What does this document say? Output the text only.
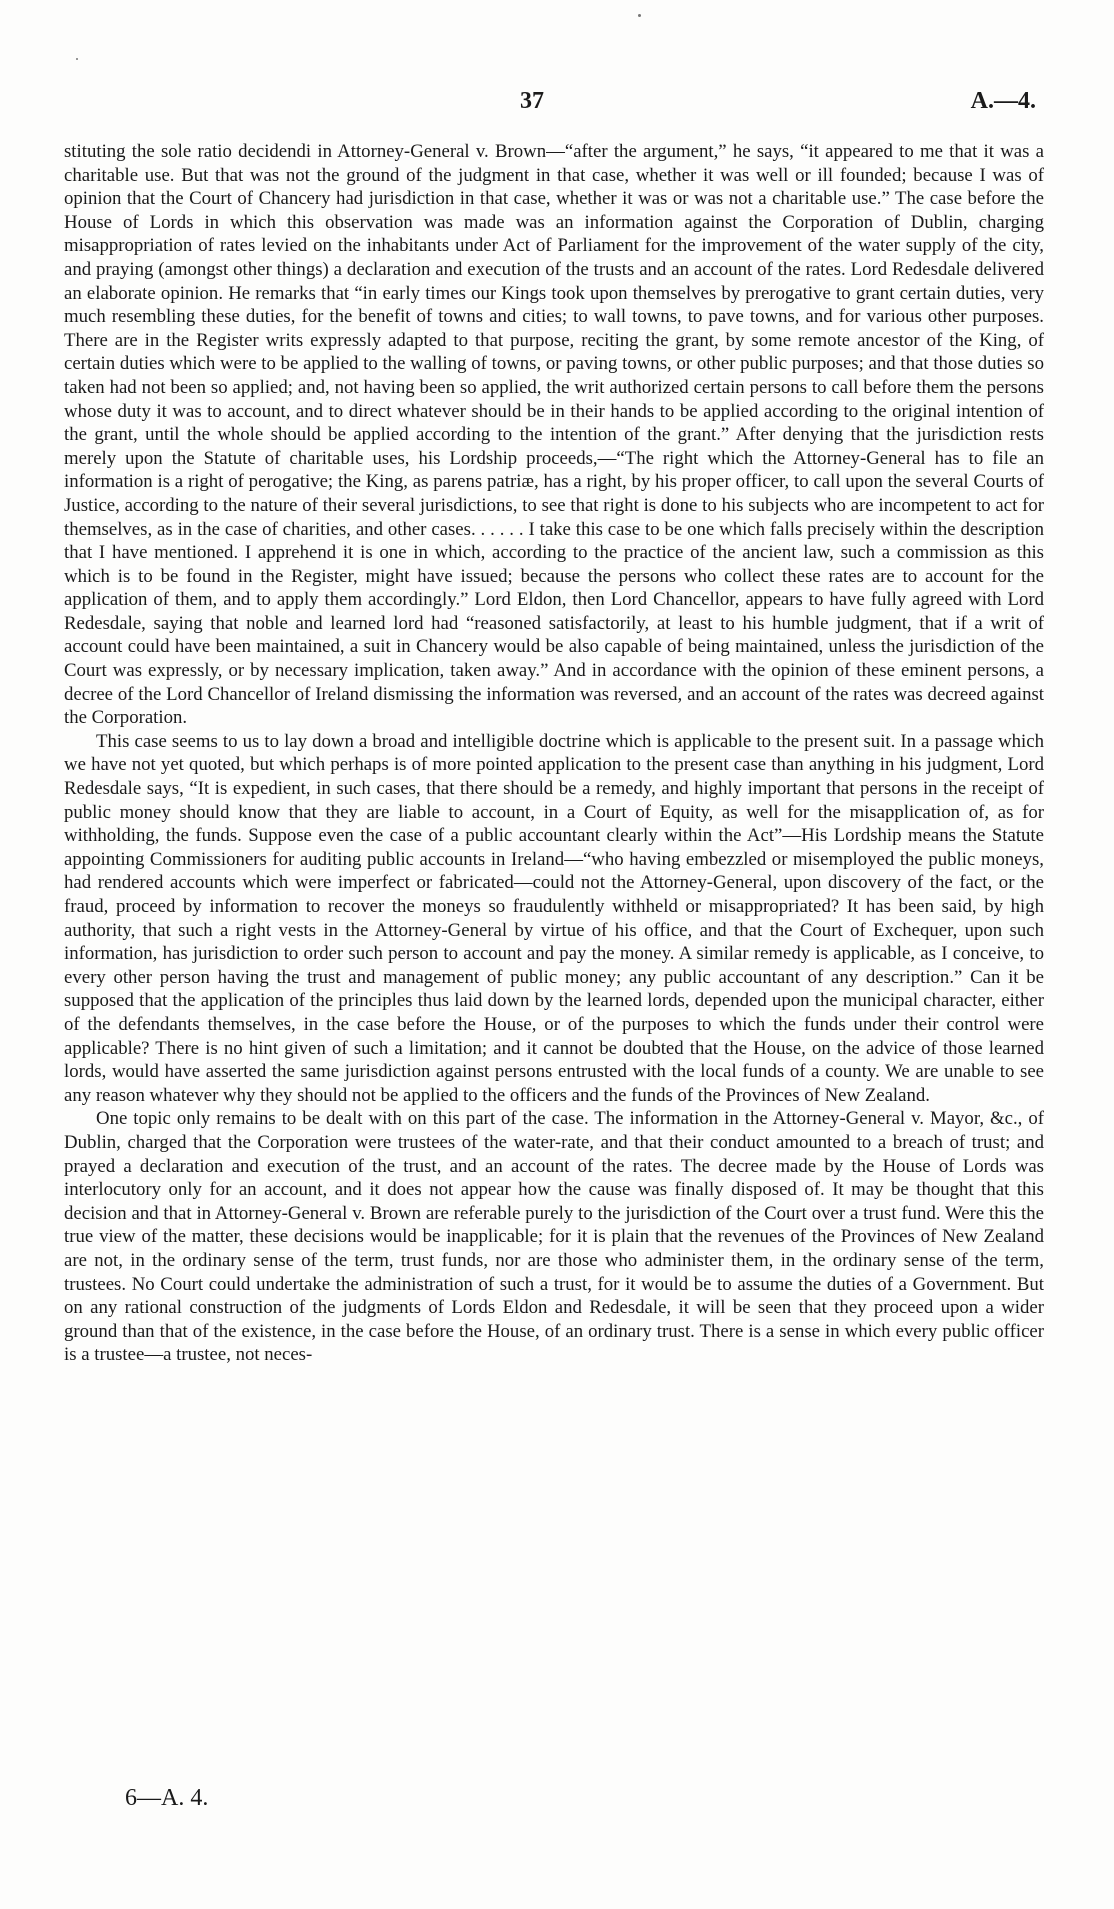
37	A.—4.

stituting the sole ratio decidendi in Attorney-General v. Brown—“after the argument,” he says, “it appeared to me that it was a charitable use. But that was not the ground of the judgment in that case, whether it was well or ill founded; because I was of opinion that the Court of Chancery had jurisdiction in that case, whether it was or was not a charitable use.” The case before the House of Lords in which this observation was made was an information against the Corporation of Dublin, charging misappropriation of rates levied on the inhabitants under Act of Parliament for the improvement of the water supply of the city, and praying (amongst other things) a declaration and execution of the trusts and an account of the rates. Lord Redesdale delivered an elaborate opinion. He remarks that “in early times our Kings took upon themselves by prerogative to grant certain duties, very much resembling these duties, for the benefit of towns and cities; to wall towns, to pave towns, and for various other purposes. There are in the Register writs expressly adapted to that purpose, reciting the grant, by some remote ancestor of the King, of certain duties which were to be applied to the walling of towns, or paving towns, or other public purposes; and that those duties so taken had not been so applied; and, not having been so applied, the writ authorized certain persons to call before them the persons whose duty it was to account, and to direct whatever should be in their hands to be applied according to the original intention of the grant, until the whole should be applied according to the intention of the grant.” After denying that the jurisdiction rests merely upon the Statute of charitable uses, his Lordship proceeds,—“The right which the Attorney-General has to file an information is a right of perogative; the King, as parens patriæ, has a right, by his proper officer, to call upon the several Courts of Justice, according to the nature of their several jurisdictions, to see that right is done to his subjects who are incompetent to act for themselves, as in the case of charities, and other cases. . . . . . I take this case to be one which falls precisely within the description that I have mentioned. I apprehend it is one in which, according to the practice of the ancient law, such a commission as this which is to be found in the Register, might have issued; because the persons who collect these rates are to account for the application of them, and to apply them accordingly.” Lord Eldon, then Lord Chancellor, appears to have fully agreed with Lord Redesdale, saying that noble and learned lord had “reasoned satisfactorily, at least to his humble judgment, that if a writ of account could have been maintained, a suit in Chancery would be also capable of being maintained, unless the jurisdiction of the Court was expressly, or by necessary implication, taken away.” And in accordance with the opinion of these eminent persons, a decree of the Lord Chancellor of Ireland dismissing the information was reversed, and an account of the rates was decreed against the Corporation.

This case seems to us to lay down a broad and intelligible doctrine which is applicable to the present suit. In a passage which we have not yet quoted, but which perhaps is of more pointed application to the present case than anything in his judgment, Lord Redesdale says, “It is expedient, in such cases, that there should be a remedy, and highly important that persons in the receipt of public money should know that they are liable to account, in a Court of Equity, as well for the misapplication of, as for withholding, the funds. Suppose even the case of a public accountant clearly within the Act”—His Lordship means the Statute appointing Commissioners for auditing public accounts in Ireland—“who having embezzled or misemployed the public moneys, had rendered accounts which were imperfect or fabricated—could not the Attorney-General, upon discovery of the fact, or the fraud, proceed by information to recover the moneys so fraudulently withheld or misappropriated? It has been said, by high authority, that such a right vests in the Attorney-General by virtue of his office, and that the Court of Exchequer, upon such information, has jurisdiction to order such person to account and pay the money. A similar remedy is applicable, as I conceive, to every other person having the trust and management of public money; any public accountant of any description.” Can it be supposed that the application of the principles thus laid down by the learned lords, depended upon the municipal character, either of the defendants themselves, in the case before the House, or of the purposes to which the funds under their control were applicable? There is no hint given of such a limitation; and it cannot be doubted that the House, on the advice of those learned lords, would have asserted the same jurisdiction against persons entrusted with the local funds of a county. We are unable to see any reason whatever why they should not be applied to the officers and the funds of the Provinces of New Zealand.

One topic only remains to be dealt with on this part of the case. The information in the Attorney-General v. Mayor, &c., of Dublin, charged that the Corporation were trustees of the water-rate, and that their conduct amounted to a breach of trust; and prayed a declaration and execution of the trust, and an account of the rates. The decree made by the House of Lords was interlocutory only for an account, and it does not appear how the cause was finally disposed of. It may be thought that this decision and that in Attorney-General v. Brown are referable purely to the jurisdiction of the Court over a trust fund. Were this the true view of the matter, these decisions would be inapplicable; for it is plain that the revenues of the Provinces of New Zealand are not, in the ordinary sense of the term, trust funds, nor are those who administer them, in the ordinary sense of the term, trustees. No Court could undertake the administration of such a trust, for it would be to assume the duties of a Government. But on any rational construction of the judgments of Lords Eldon and Redesdale, it will be seen that they proceed upon a wider ground than that of the existence, in the case before the House, of an ordinary trust. There is a sense in which every public officer is a trustee—a trustee, not neces-

6—A. 4.
